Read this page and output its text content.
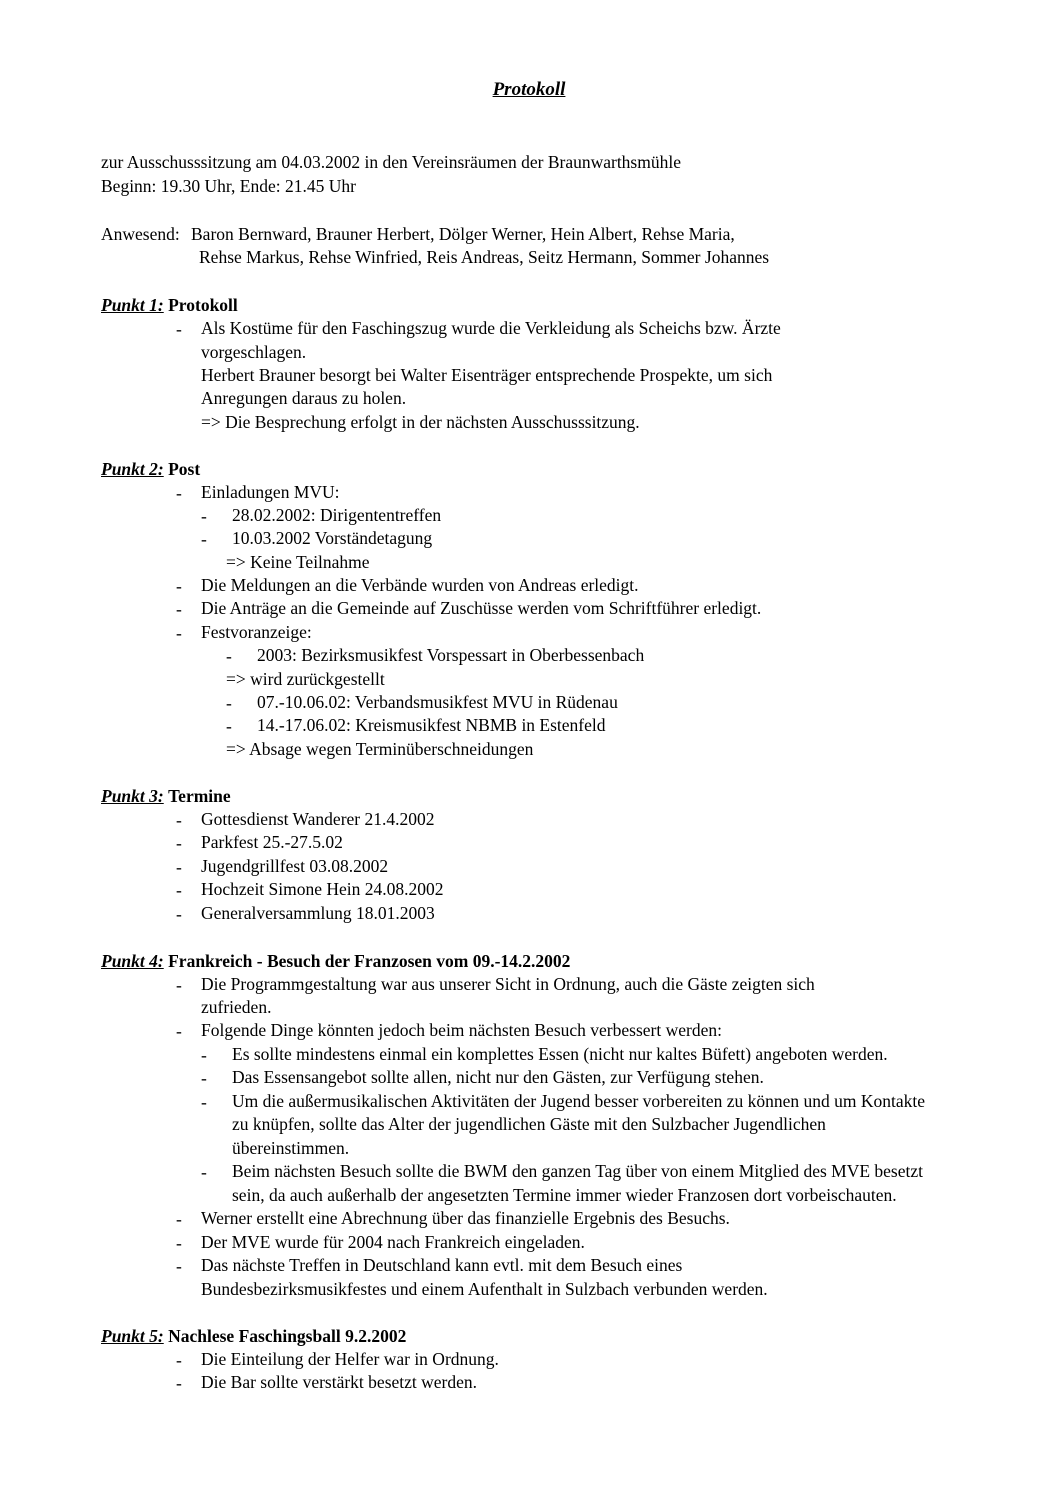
Protokoll
zur Ausschusssitzung am 04.03.2002 in den Vereinsräumen der Braunwarthsmühle
Beginn: 19.30 Uhr, Ende: 21.45 Uhr
Anwesend: Baron Bernward, Brauner Herbert, Dölger Werner, Hein Albert, Rehse Maria,
Rehse Markus, Rehse Winfried, Reis Andreas, Seitz Hermann, Sommer Johannes
Punkt 1: Protokoll
- Als Kostüme für den Faschingszug wurde die Verkleidung als Scheichs bzw. Ärzte
vorgeschlagen.
Herbert Brauner besorgt bei Walter Eisenträger entsprechende Prospekte, um sich
Anregungen daraus zu holen.
=> Die Besprechung erfolgt in der nächsten Ausschusssitzung.
Punkt 2: Post
- Einladungen MVU:
- 28.02.2002: Dirigententreffen
- 10.03.2002 Vorständetagung
=> Keine Teilnahme
- Die Meldungen an die Verbände wurden von Andreas erledigt.
- Die Anträge an die Gemeinde auf Zuschüsse werden vom Schriftführer erledigt.
- Festvoranzeige:
- 2003: Bezirksmusikfest Vorspessart in Oberbessenbach
=> wird zurückgestellt
- 07.-10.06.02: Verbandsmusikfest MVU in Rüdenau
- 14.-17.06.02: Kreismusikfest NBMB in Estenfeld
=> Absage wegen Terminüberschneidungen
Punkt 3: Termine
- Gottesdienst Wanderer 21.4.2002
- Parkfest 25.-27.5.02
- Jugendgrillfest 03.08.2002
- Hochzeit Simone Hein 24.08.2002
- Generalversammlung 18.01.2003
Punkt 4: Frankreich - Besuch der Franzosen vom 09.-14.2.2002
- Die Programmgestaltung war aus unserer Sicht in Ordnung, auch die Gäste zeigten sich
zufrieden.
- Folgende Dinge könnten jedoch beim nächsten Besuch verbessert werden:
- Es sollte mindestens einmal ein komplettes Essen (nicht nur kaltes Büfett) angeboten werden.
- Das Essensangebot sollte allen, nicht nur den Gästen, zur Verfügung stehen.
- Um die außermusikalischen Aktivitäten der Jugend besser vorbereiten zu können und um Kontakte
zu knüpfen, sollte das Alter der jugendlichen Gäste mit den Sulzbacher Jugendlichen
übereinstimmen.
- Beim nächsten Besuch sollte die BWM den ganzen Tag über von einem Mitglied des MVE besetzt
sein, da auch außerhalb der angesetzten Termine immer wieder Franzosen dort vorbeischauten.
- Werner erstellt eine Abrechnung über das finanzielle Ergebnis des Besuchs.
- Der MVE wurde für 2004 nach Frankreich eingeladen.
- Das nächste Treffen in Deutschland kann evtl. mit dem Besuch eines
Bundesbezirksmusikfestes und einem Aufenthalt in Sulzbach verbunden werden.
Punkt 5: Nachlese Faschingsball 9.2.2002
- Die Einteilung der Helfer war in Ordnung.
- Die Bar sollte verstärkt besetzt werden.
